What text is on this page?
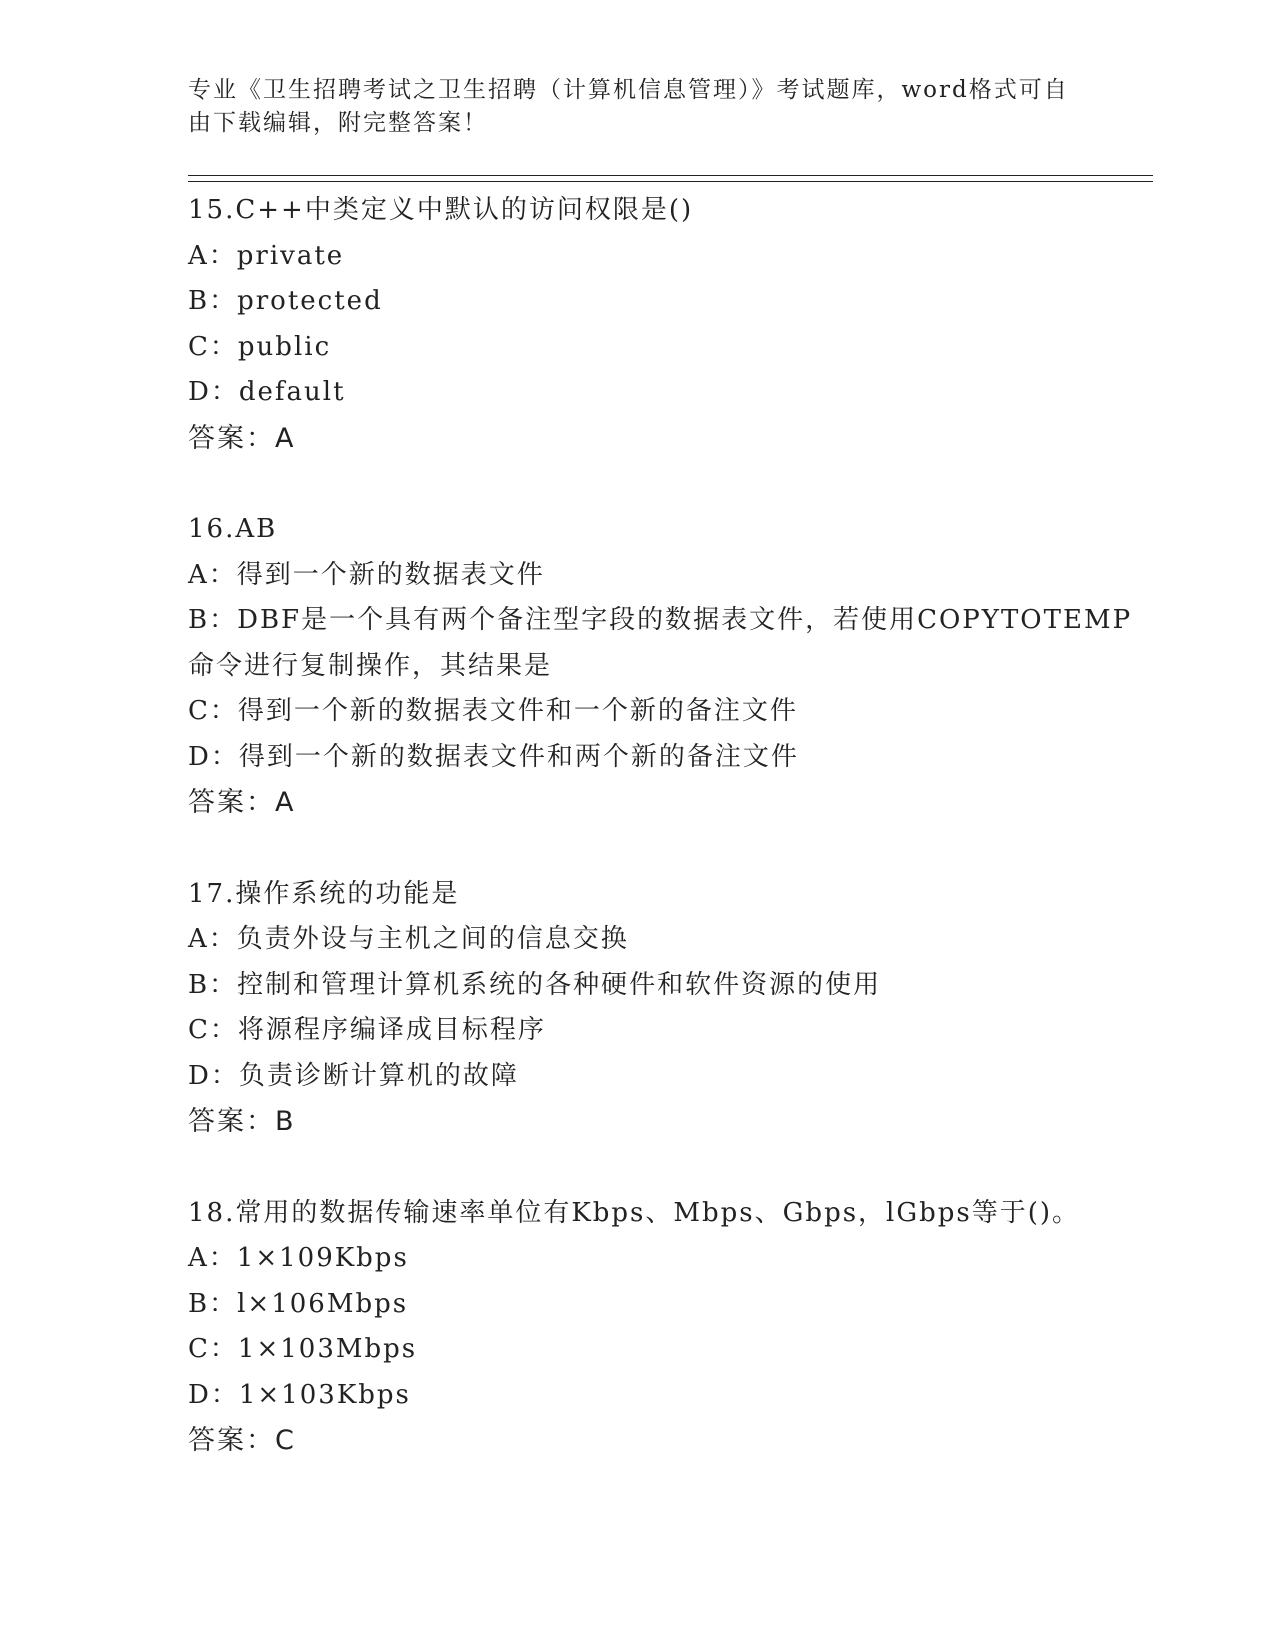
专业《卫生招聘考试之卫生招聘（计算机信息管理）》考试题库，word格式可自
由下载编辑，附完整答案！
15.C++中类定义中默认的访问权限是()
A：private
B：protected
C：public
D：default
答案：A
16.AB
A：得到一个新的数据表文件
B：DBF是一个具有两个备注型字段的数据表文件，若使用COPYTOTEMP
命令进行复制操作，其结果是
C：得到一个新的数据表文件和一个新的备注文件
D：得到一个新的数据表文件和两个新的备注文件
答案：A
17.操作系统的功能是
A：负责外设与主机之间的信息交换
B：控制和管理计算机系统的各种硬件和软件资源的使用
C：将源程序编译成目标程序
D：负责诊断计算机的故障
答案：B
18.常用的数据传输速率单位有Kbps、Mbps、Gbps，lGbps等于()。
A：1×109Kbps
B：l×106Mbps
C：1×103Mbps
D：1×103Kbps
答案：C
